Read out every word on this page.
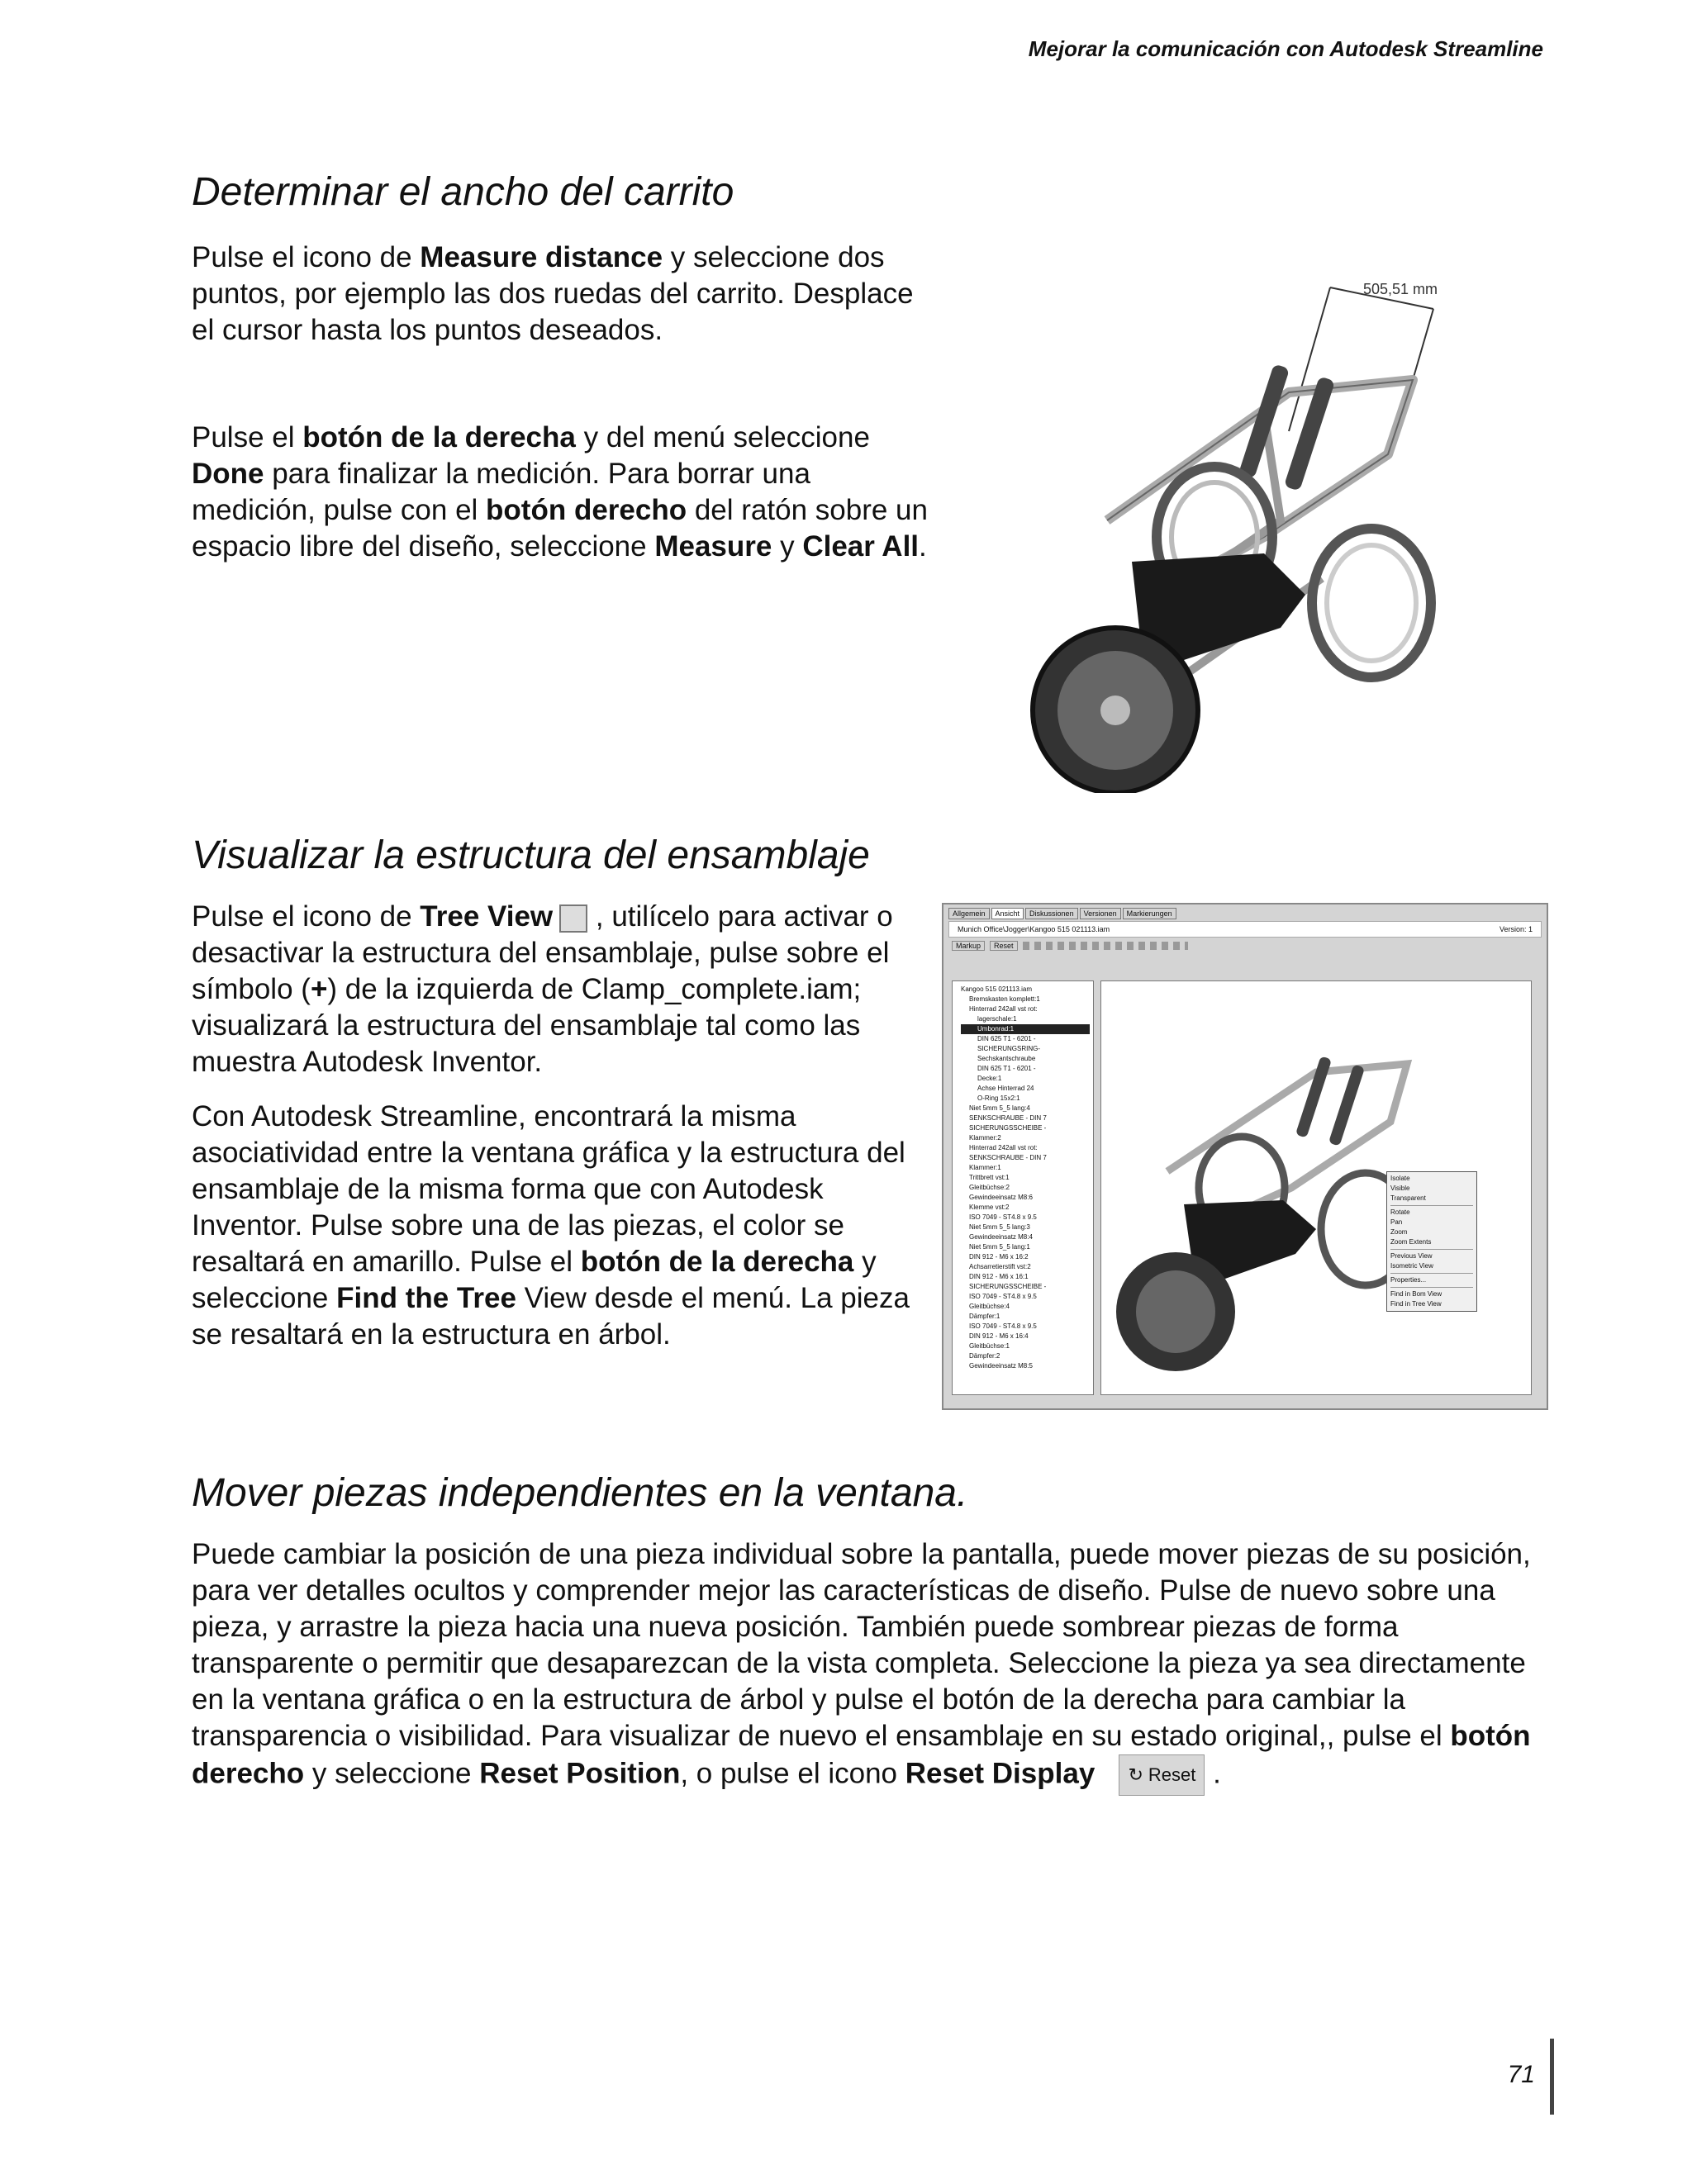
Mejorar la comunicación con Autodesk Streamline
Determinar el ancho del carrito

Pulse el icono de Measure distance y seleccione dos puntos, por ejemplo las dos ruedas del carrito. Desplace el cursor hasta los puntos deseados.

Pulse el botón de la derecha y del menú seleccione Done para finalizar la medición. Para borrar una medición, pulse con el botón derecho del ratón sobre un espacio libre del diseño, seleccione Measure y Clear All.

505,51 mm
Visualizar la estructura del ensamblaje

Pulse el icono de Tree View , utilícelo para activar o desactivar la estructura del ensamblaje, pulse sobre el símbolo (+) de la izquierda de Clamp_complete.iam; visualizará la estructura del ensamblaje tal como las muestra Autodesk Inventor.

Con Autodesk Streamline, encontrará la misma asociatividad entre la ventana gráfica y la estructura del ensamblaje de la misma forma que con Autodesk Inventor. Pulse sobre una de las piezas, el color se resaltará en amarillo. Pulse el botón de la derecha y seleccione Find the Tree View desde el menú. La pieza se resaltará en la estructura en árbol.

Allgemein	Ansicht	Diskussionen	Versionen	Markierungen
Munich Office\Jogger\Kangoo 515 021113.iam	Version: 1
Markup	Reset
Kangoo 515 021113.iam
Bremskasten komplett:1
Hinterrad 242all vst rot:
lagerschale:1
Umbonrad:1
DIN 625 T1 - 6201 -
SICHERUNGSRING-
Sechskantschraube
DIN 625 T1 - 6201 -
Decke:1
Achse Hinterrad 24
O-Ring 15x2:1
Niet 5mm 5_5 lang:4
SENKSCHRAUBE - DIN 7
SICHERUNGSSCHEIBE -
Klammer:2
Hinterrad 242all vst rot:
SENKSCHRAUBE - DIN 7
Klammer:1
Trittbrett vst:1
Gleitbüchse:2
Gewindeeinsatz M8:6
Klemme vst:2
ISO 7049 - ST4.8 x 9.5
Niet 5mm 5_5 lang:3
Gewindeeinsatz M8:4
Niet 5mm 5_5 lang:1
DIN 912 - M6 x 16:2
Achsarretierstift vst:2
DIN 912 - M6 x 16:1
SICHERUNGSSCHEIBE -
ISO 7049 - ST4.8 x 9.5
Gleitbüchse:4
Dämpfer:1
ISO 7049 - ST4.8 x 9.5
DIN 912 - M6 x 16:4
Gleitbüchse:1
Dämpfer:2
Gewindeeinsatz M8:5
Isolate
Visible
Transparent
Rotate
Pan
Zoom
Zoom Extents
Previous View
Isometric View
Properties...
Find in Bom View
Find in Tree View
Mover piezas independientes en la ventana.

Puede cambiar la posición de una pieza individual sobre la pantalla, puede mover piezas de su posición, para ver detalles ocultos y comprender mejor las características de diseño. Pulse de nuevo sobre una pieza, y arrastre la pieza hacia una nueva posición. También puede sombrear piezas de forma transparente o permitir que desaparezcan de la vista completa. Seleccione la pieza ya sea directamente en la ventana gráfica o en la estructura de árbol y pulse el botón de la derecha para cambiar la transparencia o visibilidad. Para visualizar de nuevo el ensamblaje en su estado original,, pulse el botón derecho y seleccione Reset Position, o pulse el icono Reset Display ↻ Reset .

71
